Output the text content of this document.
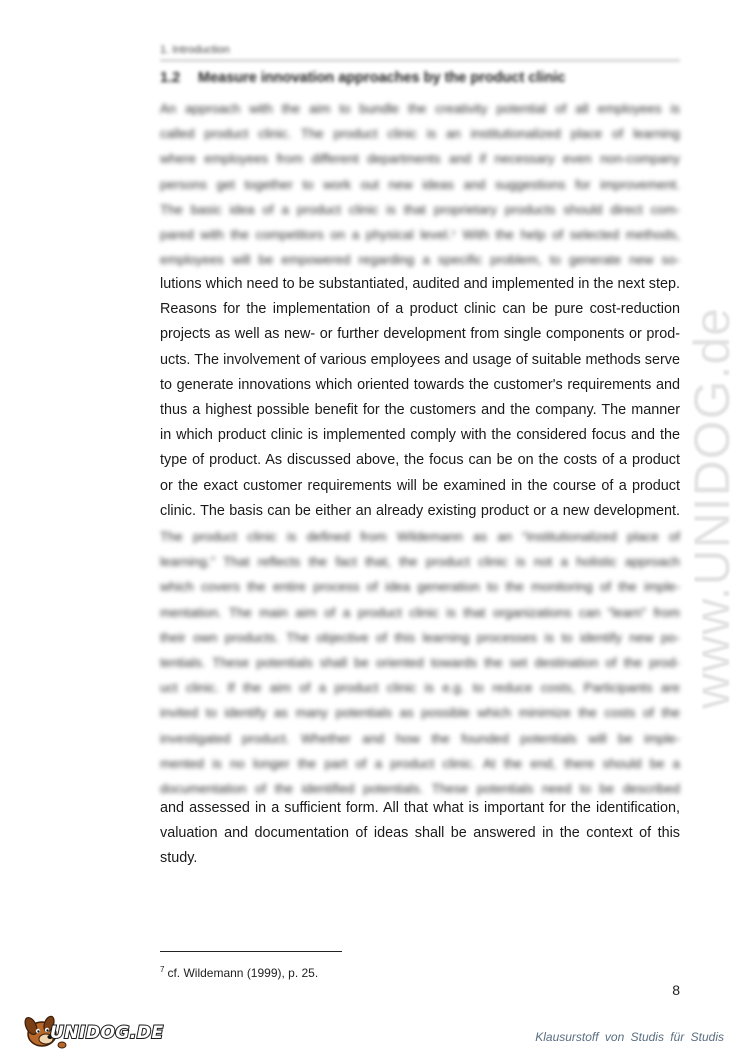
www.UNIDOG.de
1. Introduction
1.2 Measure innovation approaches by the product clinic
An approach with the aim to bundle the creativity potential of all employees is
called product clinic. The product clinic is an institutionalized place of learning
where employees from different departments and if necessary even non-company
persons get together to work out new ideas and suggestions for improvement.
The basic idea of a product clinic is that proprietary products should direct com-
pared with the competitors on a physical level.⁷ With the help of selected methods,
employees will be empowered regarding a specific problem, to generate new so-
lutions which need to be substantiated, audited and implemented in the next step.
Reasons for the implementation of a product clinic can be pure cost-reduction
projects as well as new- or further development from single components or prod-
ucts. The involvement of various employees and usage of suitable methods serve
to generate innovations which oriented towards the customer's requirements and
thus a highest possible benefit for the customers and the company. The manner
in which product clinic is implemented comply with the considered focus and the
type of product. As discussed above, the focus can be on the costs of a product
or the exact customer requirements will be examined in the course of a product
clinic. The basis can be either an already existing product or a new development.
The product clinic is defined from Wildemann as an “institutionalized place of
learning.” That reflects the fact that, the product clinic is not a holistic approach
which covers the entire process of idea generation to the monitoring of the imple-
mentation. The main aim of a product clinic is that organizations can “learn” from
their own products. The objective of this learning processes is to identify new po-
tentials. These potentials shall be oriented towards the set destination of the prod-
uct clinic. If the aim of a product clinic is e.g. to reduce costs, Participants are
invited to identify as many potentials as possible which minimize the costs of the
investigated product. Whether and how the founded potentials will be imple-
mented is no longer the part of a product clinic. At the end, there should be a
documentation of the identified potentials. These potentials need to be described
and assessed in a sufficient form. All that what is important for the identification,
valuation and documentation of ideas shall be answered in the context of this
study.
$^7$ cf. Wildemann (1999), p. 25.
8
UNIDOG.DE	Klausurstoff von Studis für Studis
